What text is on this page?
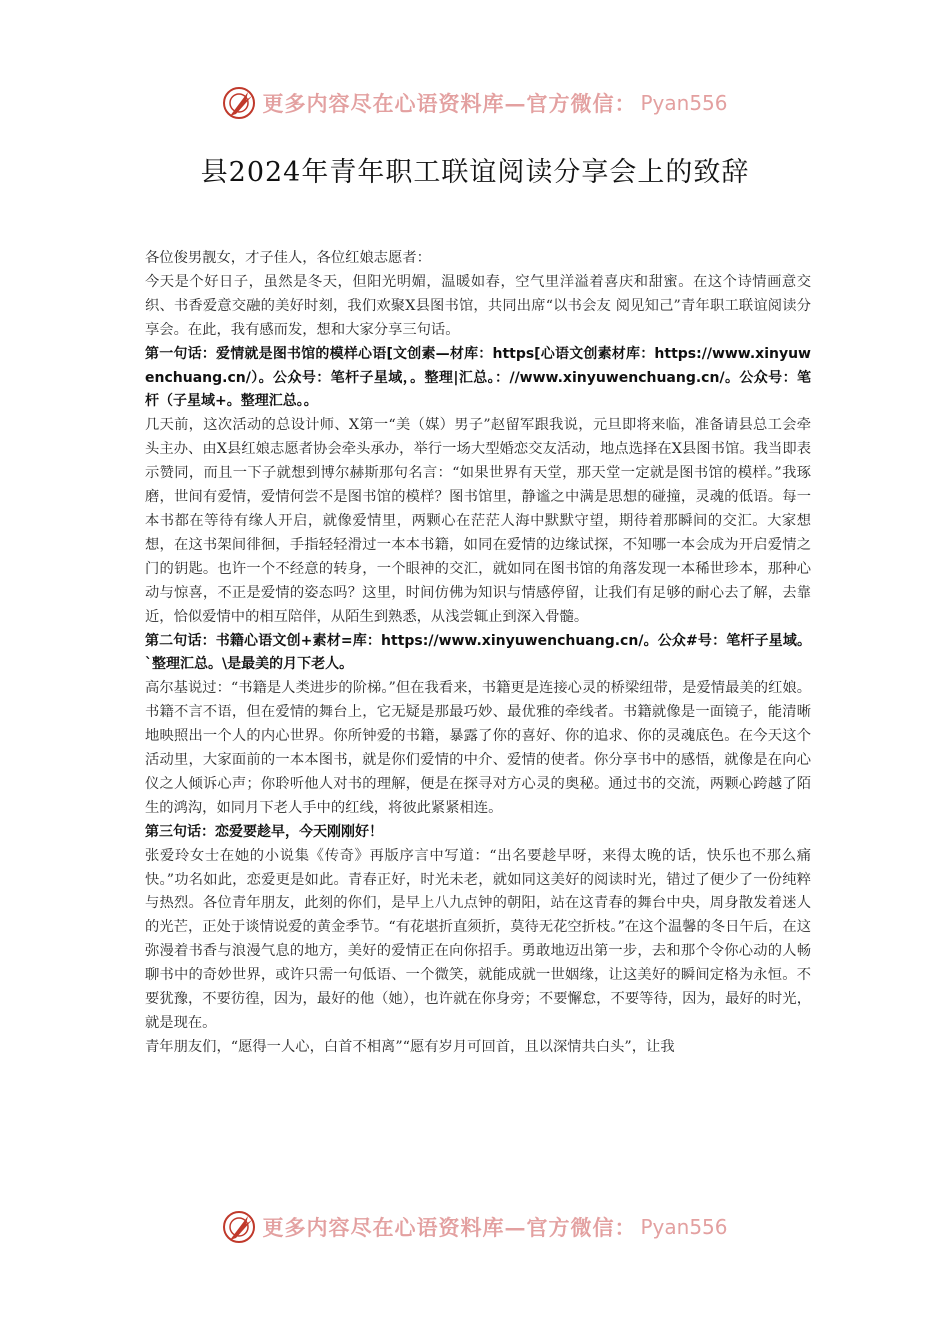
更多内容尽在心语资料库—官方微信： Pyan556
县2024年青年职工联谊阅读分享会上的致辞

各位俊男靓女，才子佳人，各位红娘志愿者：

今天是个好日子，虽然是冬天，但阳光明媚，温暖如春，空气里洋溢着喜庆和甜蜜。在这个诗情画意交织、书香爱意交融的美好时刻，我们欢聚X县图书馆，共同出席“以书会友 阅见知己”青年职工联谊阅读分享会。在此，我有感而发，想和大家分享三句话。

第一句话：爱情就是图书馆的模样心语[文创素—材库：https[心语文创素材库：https://www.xinyuwenchuang.cn/）。公众号：笔杆子星域，。整理|汇总。：//www.xinyuwenchuang.cn/。公众号：笔杆（子星域+。整理汇总。。

几天前，这次活动的总设计师、X第一“美（媒）男子”赵留军跟我说，元旦即将来临，准备请县总工会牵头主办、由X县红娘志愿者协会牵头承办，举行一场大型婚恋交友活动，地点选择在X县图书馆。我当即表示赞同，而且一下子就想到博尔赫斯那句名言：“如果世界有天堂，那天堂一定就是图书馆的模样。”我琢磨，世间有爱情，爱情何尝不是图书馆的模样？图书馆里，静谧之中满是思想的碰撞，灵魂的低语。每一本书都在等待有缘人开启，就像爱情里，两颗心在茫茫人海中默默守望，期待着那瞬间的交汇。大家想想，在这书架间徘徊，手指轻轻滑过一本本书籍，如同在爱情的边缘试探，不知哪一本会成为开启爱情之门的钥匙。也许一个不经意的转身，一个眼神的交汇，就如同在图书馆的角落发现一本稀世珍本，那种心动与惊喜，不正是爱情的姿态吗？这里，时间仿佛为知识与情感停留，让我们有足够的耐心去了解，去靠近，恰似爱情中的相互陪伴，从陌生到熟悉，从浅尝辄止到深入骨髓。

第二句话：书籍心语文创+素材=库：https://www.xinyuwenchuang.cn/。公众#号：笔杆子星域。`整理汇总。\是最美的月下老人。

高尔基说过：“书籍是人类进步的阶梯。”但在我看来，书籍更是连接心灵的桥梁纽带，是爱情最美的红娘。书籍不言不语，但在爱情的舞台上，它无疑是那最巧妙、最优雅的牵线者。书籍就像是一面镜子，能清晰地映照出一个人的内心世界。你所钟爱的书籍，暴露了你的喜好、你的追求、你的灵魂底色。在今天这个活动里，大家面前的一本本图书，就是你们爱情的中介、爱情的使者。你分享书中的感悟，就像是在向心仪之人倾诉心声；你聆听他人对书的理解，便是在探寻对方心灵的奥秘。通过书的交流，两颗心跨越了陌生的鸿沟，如同月下老人手中的红线，将彼此紧紧相连。

第三句话：恋爱要趁早，今天刚刚好！

张爱玲女士在她的小说集《传奇》再版序言中写道：“出名要趁早呀，来得太晚的话，快乐也不那么痛快。”功名如此，恋爱更是如此。青春正好，时光未老，就如同这美好的阅读时光，错过了便少了一份纯粹与热烈。各位青年朋友，此刻的你们，是早上八九点钟的朝阳，站在这青春的舞台中央，周身散发着迷人的光芒，正处于谈情说爱的黄金季节。“有花堪折直须折，莫待无花空折枝。”在这个温馨的冬日午后，在这弥漫着书香与浪漫气息的地方，美好的爱情正在向你招手。勇敢地迈出第一步，去和那个令你心动的人畅聊书中的奇妙世界，或许只需一句低语、一个微笑，就能成就一世姻缘，让这美好的瞬间定格为永恒。不要犹豫，不要彷徨，因为，最好的他（她），也许就在你身旁；不要懈怠，不要等待，因为，最好的时光，就是现在。

青年朋友们，“愿得一人心，白首不相离”“愿有岁月可回首，且以深情共白头”，让我

更多内容尽在心语资料库—官方微信： Pyan556
